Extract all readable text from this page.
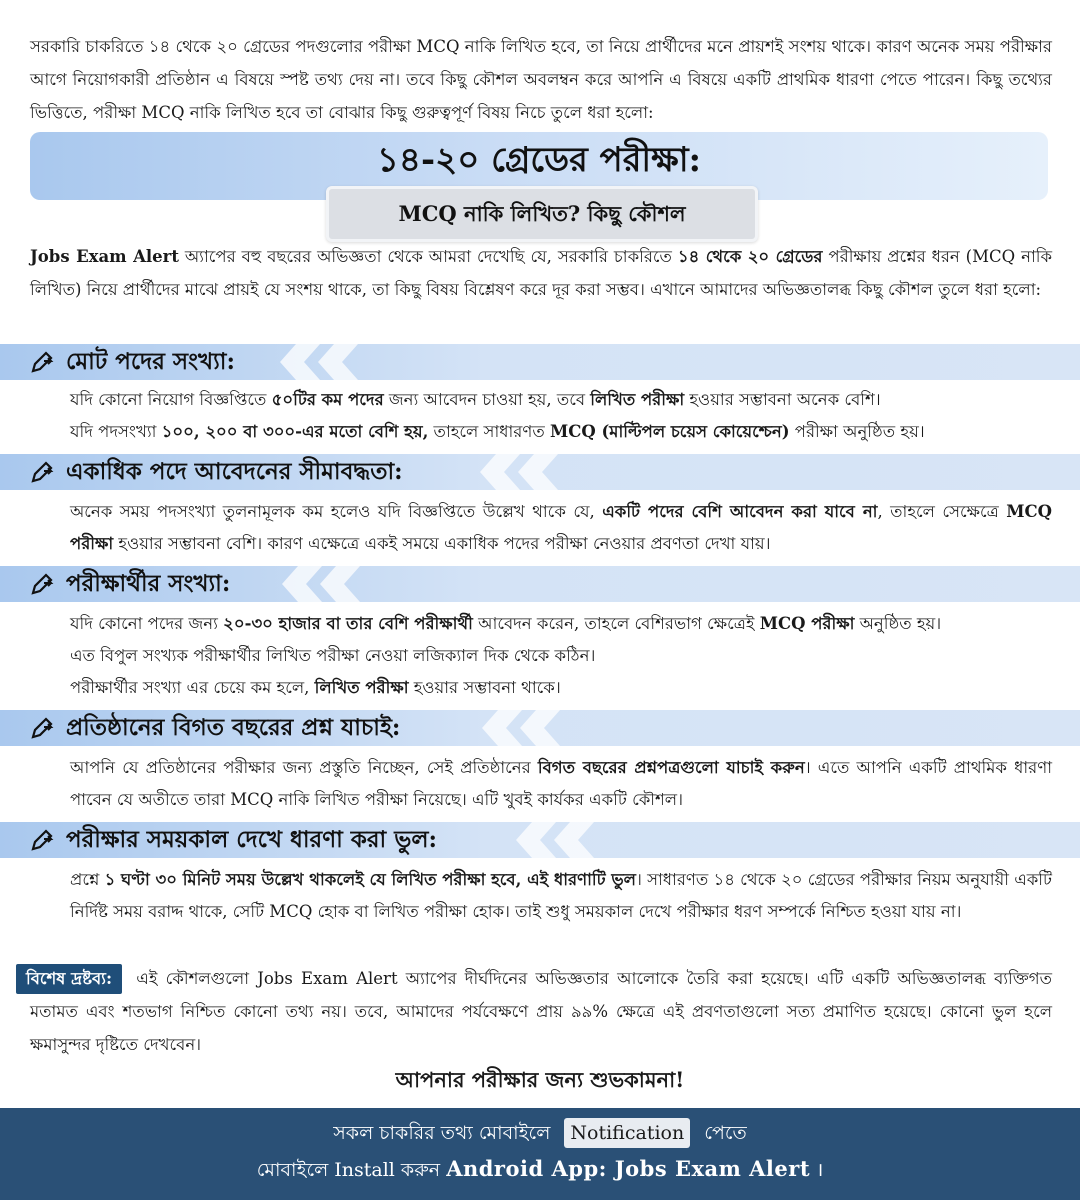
সরকারি চাকরিতে ১৪ থেকে ২০ গ্রেডের পদগুলোর পরীক্ষা MCQ নাকি লিখিত হবে, তা নিয়ে প্রার্থীদের মনে প্রায়শই সংশয় থাকে। কারণ অনেক সময় পরীক্ষার আগে নিয়োগকারী প্রতিষ্ঠান এ বিষয়ে স্পষ্ট তথ্য দেয় না। তবে কিছু কৌশল অবলম্বন করে আপনি এ বিষয়ে একটি প্রাথমিক ধারণা পেতে পারেন। কিছু তথ্যের ভিত্তিতে, পরীক্ষা MCQ নাকি লিখিত হবে তা বোঝার কিছু গুরুত্বপূর্ণ বিষয় নিচে তুলে ধরা হলো:
১৪-২০ গ্রেডের পরীক্ষা:
MCQ নাকি লিখিত? কিছু কৌশল
Jobs Exam Alert অ্যাপের বহু বছরের অভিজ্ঞতা থেকে আমরা দেখেছি যে, সরকারি চাকরিতে ১৪ থেকে ২০ গ্রেডের পরীক্ষায় প্রশ্নের ধরন (MCQ নাকি লিখিত) নিয়ে প্রার্থীদের মাঝে প্রায়ই যে সংশয় থাকে, তা কিছু বিষয় বিশ্লেষণ করে দূর করা সম্ভব। এখানে আমাদের অভিজ্ঞতালব্ধ কিছু কৌশল তুলে ধরা হলো:
মোট পদের সংখ্যা:

যদি কোনো নিয়োগ বিজ্ঞপ্তিতে ৫০টির কম পদের জন্য আবেদন চাওয়া হয়, তবে লিখিত পরীক্ষা হওয়ার সম্ভাবনা অনেক বেশি।

যদি পদসংখ্যা ১০০, ২০০ বা ৩০০-এর মতো বেশি হয়, তাহলে সাধারণত MCQ (মাল্টিপল চয়েস কোয়েশ্চেন) পরীক্ষা অনুষ্ঠিত হয়।

একাধিক পদে আবেদনের সীমাবদ্ধতা:

অনেক সময় পদসংখ্যা তুলনামূলক কম হলেও যদি বিজ্ঞপ্তিতে উল্লেখ থাকে যে, একটি পদের বেশি আবেদন করা যাবে না, তাহলে সেক্ষেত্রে MCQ পরীক্ষা হওয়ার সম্ভাবনা বেশি। কারণ এক্ষেত্রে একই সময়ে একাধিক পদের পরীক্ষা নেওয়ার প্রবণতা দেখা যায়।

পরীক্ষার্থীর সংখ্যা:

যদি কোনো পদের জন্য ২০-৩০ হাজার বা তার বেশি পরীক্ষার্থী আবেদন করেন, তাহলে বেশিরভাগ ক্ষেত্রেই MCQ পরীক্ষা অনুষ্ঠিত হয়।

এত বিপুল সংখ্যক পরীক্ষার্থীর লিখিত পরীক্ষা নেওয়া লজিক্যাল দিক থেকে কঠিন।

পরীক্ষার্থীর সংখ্যা এর চেয়ে কম হলে, লিখিত পরীক্ষা হওয়ার সম্ভাবনা থাকে।

প্রতিষ্ঠানের বিগত বছরের প্রশ্ন যাচাই:

আপনি যে প্রতিষ্ঠানের পরীক্ষার জন্য প্রস্তুতি নিচ্ছেন, সেই প্রতিষ্ঠানের বিগত বছরের প্রশ্নপত্রগুলো যাচাই করুন। এতে আপনি একটি প্রাথমিক ধারণা পাবেন যে অতীতে তারা MCQ নাকি লিখিত পরীক্ষা নিয়েছে। এটি খুবই কার্যকর একটি কৌশল।

পরীক্ষার সময়কাল দেখে ধারণা করা ভুল:

প্রশ্নে ১ ঘণ্টা ৩০ মিনিট সময় উল্লেখ থাকলেই যে লিখিত পরীক্ষা হবে, এই ধারণাটি ভুল। সাধারণত ১৪ থেকে ২০ গ্রেডের পরীক্ষার নিয়ম অনুযায়ী একটি নির্দিষ্ট সময় বরাদ্দ থাকে, সেটি MCQ হোক বা লিখিত পরীক্ষা হোক। তাই শুধু সময়কাল দেখে পরীক্ষার ধরণ সম্পর্কে নিশ্চিত হওয়া যায় না।

বিশেষ দ্রষ্টব্য: এই কৌশলগুলো Jobs Exam Alert অ্যাপের দীর্ঘদিনের অভিজ্ঞতার আলোকে তৈরি করা হয়েছে। এটি একটি অভিজ্ঞতালব্ধ ব্যক্তিগত মতামত এবং শতভাগ নিশ্চিত কোনো তথ্য নয়। তবে, আমাদের পর্যবেক্ষণে প্রায় ৯৯% ক্ষেত্রে এই প্রবণতাগুলো সত্য প্রমাণিত হয়েছে। কোনো ভুল হলে ক্ষমাসুন্দর দৃষ্টিতে দেখবেন।
আপনার পরীক্ষার জন্য শুভকামনা!
সকল চাকরির তথ্য মোবাইলে Notification পেতে
মোবাইলে Install করুন Android App: Jobs Exam Alert ।
